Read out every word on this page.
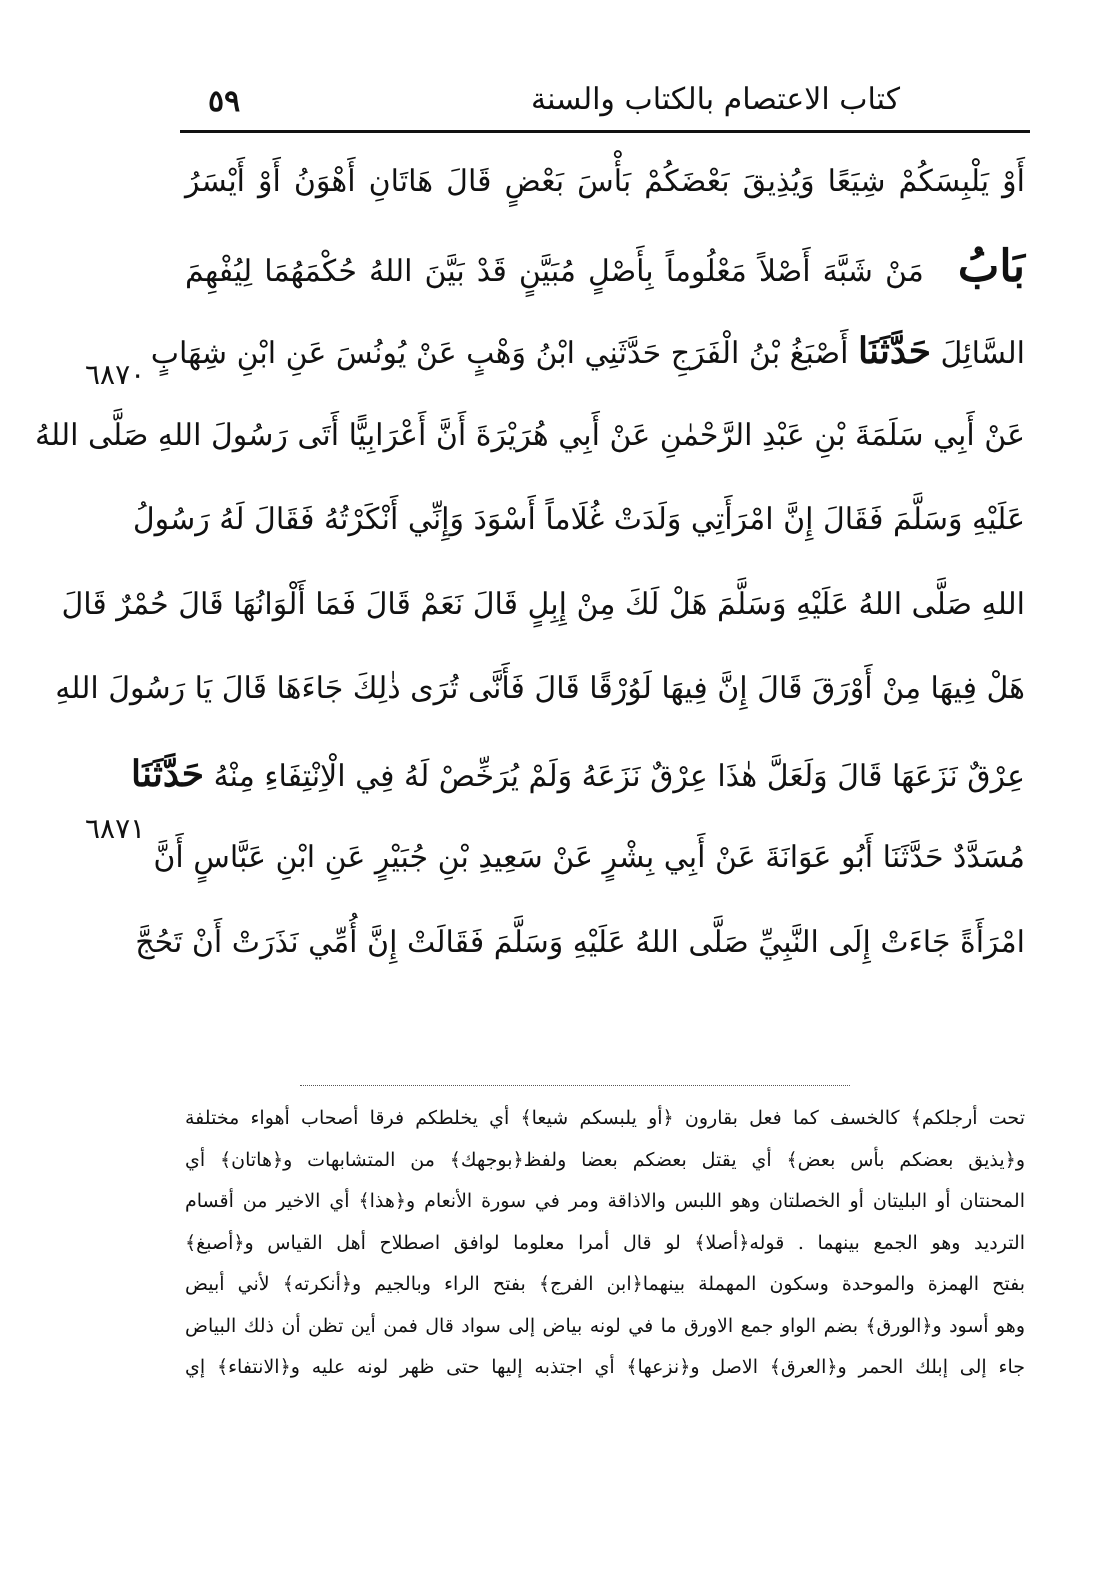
كتاب الاعتصام بالكتاب والسنة
٥٩
٦٨٧٠
٦٨٧١
أَوْ يَلْبِسَكُمْ شِيَعًا وَيُذِيقَ بَعْضَكُمْ بَأْسَ بَعْضٍ قَالَ هَاتَانِ أَهْوَنُ أَوْ أَيْسَرُ
بَابُ مَنْ شَبَّهَ أَصْلاً مَعْلُوماً بِأَصْلٍ مُبَيَّنٍ قَدْ بَيَّنَ اللهُ حُكْمَهُمَا لِيُفْهِمَ
السَّائِلَ حَدَّثَنَا أَصْبَغُ بْنُ الْفَرَجِ حَدَّثَنِي ابْنُ وَهْبٍ عَنْ يُونُسَ عَنِ ابْنِ شِهَابٍ
عَنْ أَبِي سَلَمَةَ بْنِ عَبْدِ الرَّحْمٰنِ عَنْ أَبِي هُرَيْرَةَ أَنَّ أَعْرَابِيًّا أَتَى رَسُولَ اللهِ صَلَّى اللهُ
عَلَيْهِ وَسَلَّمَ فَقَالَ إِنَّ امْرَأَتِي وَلَدَتْ غُلَاماً أَسْوَدَ وَإِنِّي أَنْكَرْتُهُ فَقَالَ لَهُ رَسُولُ
اللهِ صَلَّى اللهُ عَلَيْهِ وَسَلَّمَ هَلْ لَكَ مِنْ إِبِلٍ قَالَ نَعَمْ قَالَ فَمَا أَلْوَانُهَا قَالَ حُمْرٌ قَالَ
هَلْ فِيهَا مِنْ أَوْرَقَ قَالَ إِنَّ فِيهَا لَوُرْقًا قَالَ فَأَنَّى تُرَى ذٰلِكَ جَاءَهَا قَالَ يَا رَسُولَ اللهِ
عِرْقٌ نَزَعَهَا قَالَ وَلَعَلَّ هٰذَا عِرْقٌ نَزَعَهُ وَلَمْ يُرَخِّصْ لَهُ فِي الْاِنْتِفَاءِ مِنْهُ حَدَّثَنَا
مُسَدَّدٌ حَدَّثَنَا أَبُو عَوَانَةَ عَنْ أَبِي بِشْرٍ عَنْ سَعِيدِ بْنِ جُبَيْرٍ عَنِ ابْنِ عَبَّاسٍ أَنَّ
امْرَأَةً جَاءَتْ إِلَى النَّبِيِّ صَلَّى اللهُ عَلَيْهِ وَسَلَّمَ فَقَالَتْ إِنَّ أُمِّي نَذَرَتْ أَنْ تَحُجَّ
تحت أرجلكم﴾ كالخسف كما فعل بقارون ﴿أو يلبسكم شيعا﴾ أي يخلطكم فرقا أصحاب أهواء مختلفة
و﴿يذيق بعضكم بأس بعض﴾ أي يقتل بعضكم بعضا ولفظ﴿بوجهك﴾ من المتشابهات و﴿هاتان﴾ أي
المحنتان أو البليتان أو الخصلتان وهو اللبس والاذاقة ومر في سورة الأنعام و﴿هذا﴾ أي الاخير من أقسام
الترديد وهو الجمع بينهما . قوله﴿أصلا﴾ لو قال أمرا معلوما لوافق اصطلاح أهل القياس و﴿أصبغ﴾
بفتح الهمزة والموحدة وسكون المهملة بينهما﴿ابن الفرج﴾ بفتح الراء وبالجيم و﴿أنكرته﴾ لأني أبيض
وهو أسود و﴿الورق﴾ بضم الواو جمع الاورق ما في لونه بياض إلى سواد قال فمن أين تظن أن ذلك البياض
جاء إلى إبلك الحمر و﴿العرق﴾ الاصل و﴿نزعها﴾ أي اجتذبه إليها حتى ظهر لونه عليه و﴿الانتفاء﴾ إي
